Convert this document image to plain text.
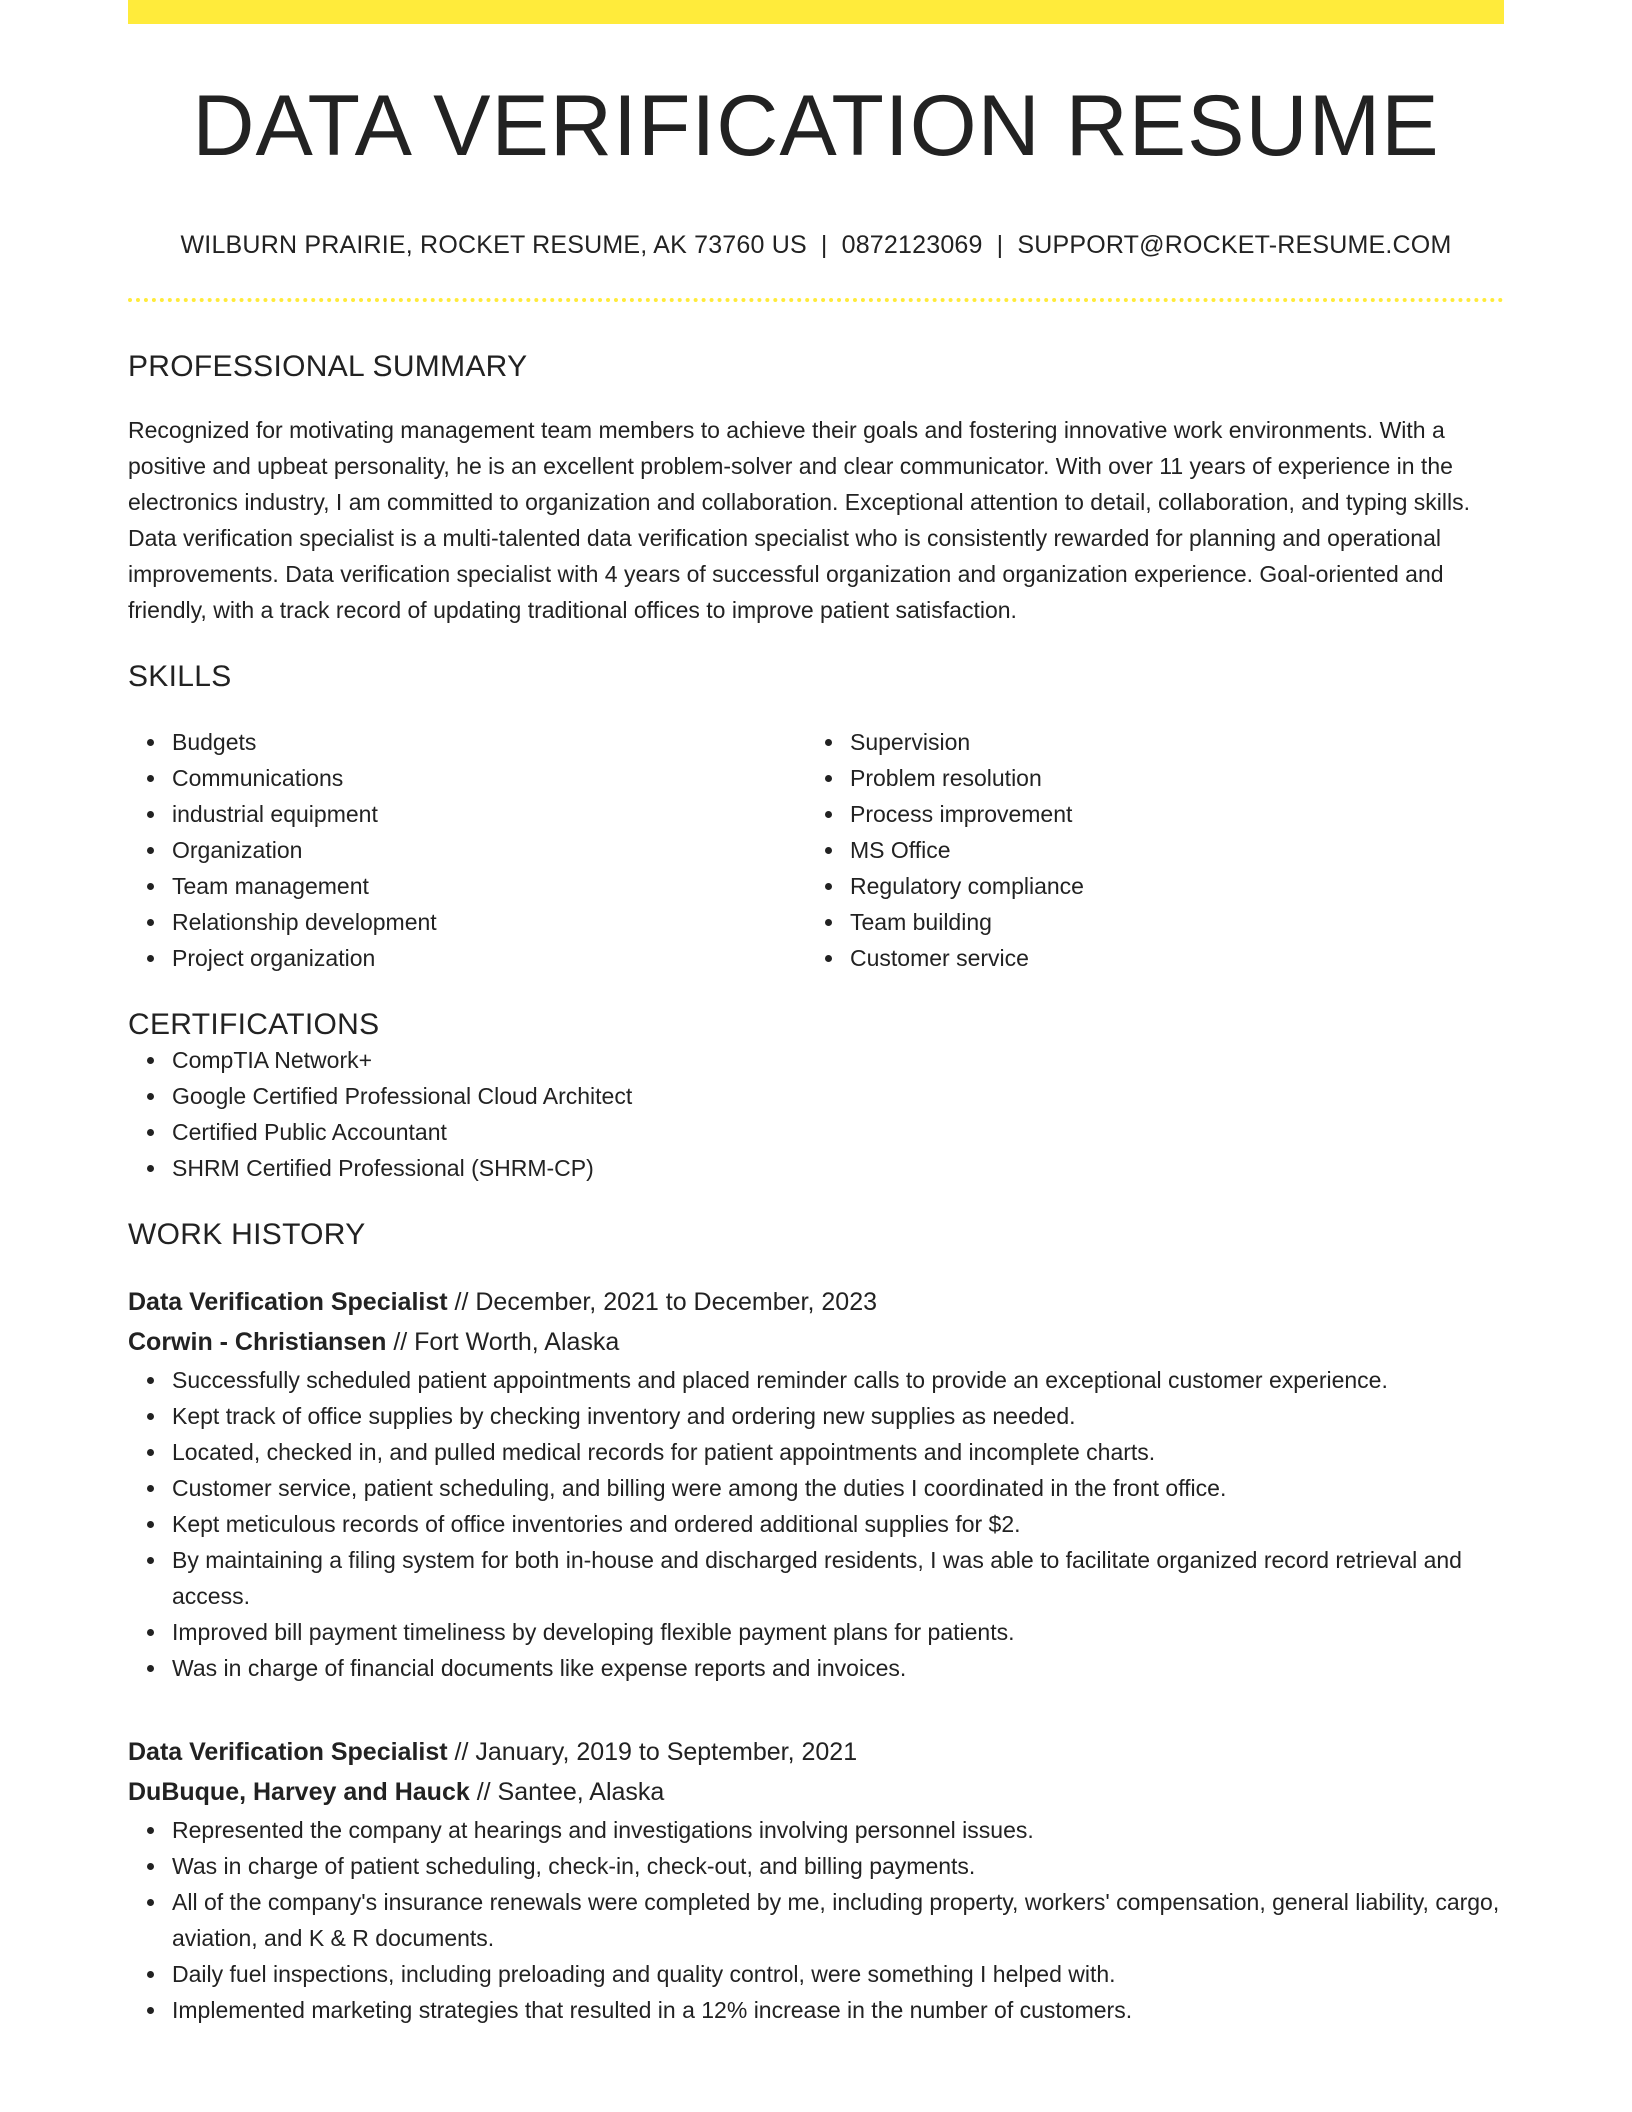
DATA VERIFICATION RESUME
WILBURN PRAIRIE, ROCKET RESUME, AK 73760 US | 0872123069 | SUPPORT@ROCKET-RESUME.COM
PROFESSIONAL SUMMARY
Recognized for motivating management team members to achieve their goals and fostering innovative work environments. With a positive and upbeat personality, he is an excellent problem-solver and clear communicator. With over 11 years of experience in the electronics industry, I am committed to organization and collaboration. Exceptional attention to detail, collaboration, and typing skills. Data verification specialist is a multi-talented data verification specialist who is consistently rewarded for planning and operational improvements. Data verification specialist with 4 years of successful organization and organization experience. Goal-oriented and friendly, with a track record of updating traditional offices to improve patient satisfaction.
SKILLS
Budgets
Communications
industrial equipment
Organization
Team management
Relationship development
Project organization
Supervision
Problem resolution
Process improvement
MS Office
Regulatory compliance
Team building
Customer service
CERTIFICATIONS
CompTIA Network+
Google Certified Professional Cloud Architect
Certified Public Accountant
SHRM Certified Professional (SHRM-CP)
WORK HISTORY
Data Verification Specialist // December, 2021 to December, 2023
Corwin - Christiansen // Fort Worth, Alaska
Successfully scheduled patient appointments and placed reminder calls to provide an exceptional customer experience.
Kept track of office supplies by checking inventory and ordering new supplies as needed.
Located, checked in, and pulled medical records for patient appointments and incomplete charts.
Customer service, patient scheduling, and billing were among the duties I coordinated in the front office.
Kept meticulous records of office inventories and ordered additional supplies for $2.
By maintaining a filing system for both in-house and discharged residents, I was able to facilitate organized record retrieval and access.
Improved bill payment timeliness by developing flexible payment plans for patients.
Was in charge of financial documents like expense reports and invoices.
Data Verification Specialist // January, 2019 to September, 2021
DuBuque, Harvey and Hauck // Santee, Alaska
Represented the company at hearings and investigations involving personnel issues.
Was in charge of patient scheduling, check-in, check-out, and billing payments.
All of the company's insurance renewals were completed by me, including property, workers' compensation, general liability, cargo, aviation, and K & R documents.
Daily fuel inspections, including preloading and quality control, were something I helped with.
Implemented marketing strategies that resulted in a 12% increase in the number of customers.
